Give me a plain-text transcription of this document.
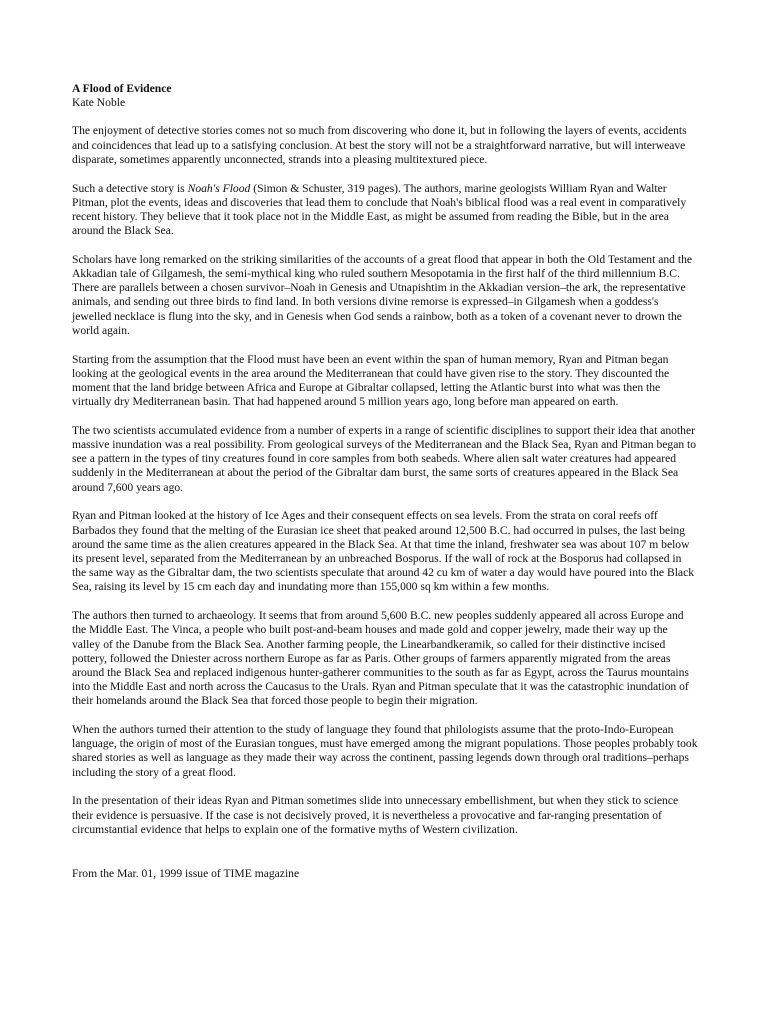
A Flood of Evidence

Kate Noble

The enjoyment of detective stories comes not so much from discovering who done it, but in following the layers of events, accidents and coincidences that lead up to a satisfying conclusion. At best the story will not be a straightforward narrative, but will interweave disparate, sometimes apparently unconnected, strands into a pleasing multitextured piece.

Such a detective story is Noah's Flood (Simon & Schuster, 319 pages). The authors, marine geologists William Ryan and Walter Pitman, plot the events, ideas and discoveries that lead them to conclude that Noah's biblical flood was a real event in comparatively recent history. They believe that it took place not in the Middle East, as might be assumed from reading the Bible, but in the area around the Black Sea.

Scholars have long remarked on the striking similarities of the accounts of a great flood that appear in both the Old Testament and the Akkadian tale of Gilgamesh, the semi-mythical king who ruled southern Mesopotamia in the first half of the third millennium B.C. There are parallels between a chosen survivor–Noah in Genesis and Utnapishtim in the Akkadian version–the ark, the representative animals, and sending out three birds to find land. In both versions divine remorse is expressed–in Gilgamesh when a goddess's jewelled necklace is flung into the sky, and in Genesis when God sends a rainbow, both as a token of a covenant never to drown the world again.

Starting from the assumption that the Flood must have been an event within the span of human memory, Ryan and Pitman began looking at the geological events in the area around the Mediterranean that could have given rise to the story. They discounted the moment that the land bridge between Africa and Europe at Gibraltar collapsed, letting the Atlantic burst into what was then the virtually dry Mediterranean basin. That had happened around 5 million years ago, long before man appeared on earth.

The two scientists accumulated evidence from a number of experts in a range of scientific disciplines to support their idea that another massive inundation was a real possibility. From geological surveys of the Mediterranean and the Black Sea, Ryan and Pitman began to see a pattern in the types of tiny creatures found in core samples from both seabeds. Where alien salt water creatures had appeared suddenly in the Mediterranean at about the period of the Gibraltar dam burst, the same sorts of creatures appeared in the Black Sea around 7,600 years ago.

Ryan and Pitman looked at the history of Ice Ages and their consequent effects on sea levels. From the strata on coral reefs off Barbados they found that the melting of the Eurasian ice sheet that peaked around 12,500 B.C. had occurred in pulses, the last being around the same time as the alien creatures appeared in the Black Sea. At that time the inland, freshwater sea was about 107 m below its present level, separated from the Mediterranean by an unbreached Bosporus. If the wall of rock at the Bosporus had collapsed in the same way as the Gibraltar dam, the two scientists speculate that around 42 cu km of water a day would have poured into the Black Sea, raising its level by 15 cm each day and inundating more than 155,000 sq km within a few months.

The authors then turned to archaeology. It seems that from around 5,600 B.C. new peoples suddenly appeared all across Europe and the Middle East. The Vinca, a people who built post-and-beam houses and made gold and copper jewelry, made their way up the valley of the Danube from the Black Sea. Another farming people, the Linearbandkeramik, so called for their distinctive incised pottery, followed the Dniester across northern Europe as far as Paris. Other groups of farmers apparently migrated from the areas around the Black Sea and replaced indigenous hunter-gatherer communities to the south as far as Egypt, across the Taurus mountains into the Middle East and north across the Caucasus to the Urals. Ryan and Pitman speculate that it was the catastrophic inundation of their homelands around the Black Sea that forced those people to begin their migration.

When the authors turned their attention to the study of language they found that philologists assume that the proto-Indo-European language, the origin of most of the Eurasian tongues, must have emerged among the migrant populations. Those peoples probably took shared stories as well as language as they made their way across the continent, passing legends down through oral traditions–perhaps including the story of a great flood.

In the presentation of their ideas Ryan and Pitman sometimes slide into unnecessary embellishment, but when they stick to science their evidence is persuasive. If the case is not decisively proved, it is nevertheless a provocative and far-ranging presentation of circumstantial evidence that helps to explain one of the formative myths of Western civilization.

From the Mar. 01, 1999 issue of TIME magazine
